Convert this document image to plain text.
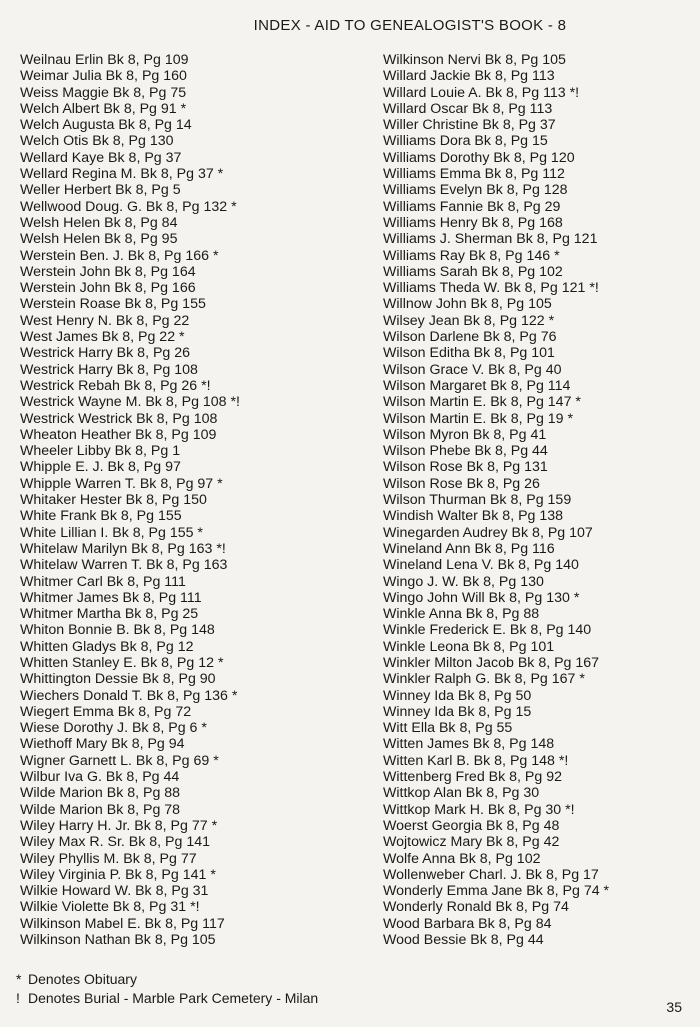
INDEX - AID TO GENEALOGIST'S BOOK - 8
Weilnau Erlin Bk 8, Pg 109
Weimar Julia Bk 8, Pg 160
Weiss Maggie Bk 8, Pg 75
Welch Albert Bk 8, Pg 91 *
Welch Augusta Bk 8, Pg 14
Welch Otis Bk 8, Pg 130
Wellard Kaye Bk 8, Pg 37
Wellard Regina M. Bk 8, Pg 37 *
Weller Herbert Bk 8, Pg 5
Wellwood Doug. G. Bk 8, Pg 132 *
Welsh Helen Bk 8, Pg 84
Welsh Helen Bk 8, Pg 95
Werstein Ben. J. Bk 8, Pg 166 *
Werstein John Bk 8, Pg 164
Werstein John Bk 8, Pg 166
Werstein Roase Bk 8, Pg 155
West Henry N. Bk 8, Pg 22
West James Bk 8, Pg 22 *
Westrick Harry Bk 8, Pg 26
Westrick Harry Bk 8, Pg 108
Westrick Rebah Bk 8, Pg 26 *!
Westrick Wayne M. Bk 8, Pg 108 *!
Westrick Westrick Bk 8, Pg 108
Wheaton Heather Bk 8, Pg 109
Wheeler Libby Bk 8, Pg 1
Whipple E. J. Bk 8, Pg 97
Whipple Warren T. Bk 8, Pg 97 *
Whitaker Hester Bk 8, Pg 150
White Frank Bk 8, Pg 155
White Lillian I. Bk 8, Pg 155 *
Whitelaw Marilyn Bk 8, Pg 163 *!
Whitelaw Warren T. Bk 8, Pg 163
Whitmer Carl Bk 8, Pg 111
Whitmer James Bk 8, Pg 111
Whitmer Martha Bk 8, Pg 25
Whiton Bonnie B. Bk 8, Pg 148
Whitten Gladys Bk 8, Pg 12
Whitten Stanley E. Bk 8, Pg 12 *
Whittington Dessie Bk 8, Pg 90
Wiechers Donald T. Bk 8, Pg 136 *
Wiegert Emma Bk 8, Pg 72
Wiese Dorothy J. Bk 8, Pg 6 *
Wiethoff Mary Bk 8, Pg 94
Wigner Garnett L. Bk 8, Pg 69 *
Wilbur Iva G. Bk 8, Pg 44
Wilde Marion Bk 8, Pg 88
Wilde Marion Bk 8, Pg 78
Wiley Harry H. Jr. Bk 8, Pg 77 *
Wiley Max R. Sr. Bk 8, Pg 141
Wiley Phyllis M. Bk 8, Pg 77
Wiley Virginia P. Bk 8, Pg 141 *
Wilkie Howard W. Bk 8, Pg 31
Wilkie Violette Bk 8, Pg 31 *!
Wilkinson Mabel E. Bk 8, Pg 117
Wilkinson Nathan Bk 8, Pg 105
Wilkinson Nervi Bk 8, Pg 105
Willard Jackie Bk 8, Pg 113
Willard Louie A. Bk 8, Pg 113 *!
Willard Oscar Bk 8, Pg 113
Willer Christine Bk 8, Pg 37
Williams Dora Bk 8, Pg 15
Williams Dorothy Bk 8, Pg 120
Williams Emma Bk 8, Pg 112
Williams Evelyn Bk 8, Pg 128
Williams Fannie Bk 8, Pg 29
Williams Henry Bk 8, Pg 168
Williams J. Sherman Bk 8, Pg 121
Williams Ray Bk 8, Pg 146 *
Williams Sarah Bk 8, Pg 102
Williams Theda W. Bk 8, Pg 121 *!
Willnow John Bk 8, Pg 105
Wilsey Jean Bk 8, Pg 122 *
Wilson Darlene Bk 8, Pg 76
Wilson Editha Bk 8, Pg 101
Wilson Grace V. Bk 8, Pg 40
Wilson Margaret Bk 8, Pg 114
Wilson Martin E. Bk 8, Pg 147 *
Wilson Martin E. Bk 8, Pg 19 *
Wilson Myron Bk 8, Pg 41
Wilson Phebe Bk 8, Pg 44
Wilson Rose Bk 8, Pg 131
Wilson Rose Bk 8, Pg 26
Wilson Thurman Bk 8, Pg 159
Windish Walter Bk 8, Pg 138
Winegarden Audrey Bk 8, Pg 107
Wineland Ann Bk 8, Pg 116
Wineland Lena V. Bk 8, Pg 140
Wingo J. W. Bk 8, Pg 130
Wingo John Will Bk 8, Pg 130 *
Winkle Anna Bk 8, Pg 88
Winkle Frederick E. Bk 8, Pg 140
Winkle Leona Bk 8, Pg 101
Winkler Milton Jacob Bk 8, Pg 167
Winkler Ralph G. Bk 8, Pg 167 *
Winney Ida Bk 8, Pg 50
Winney Ida Bk 8, Pg 15
Witt Ella Bk 8, Pg 55
Witten James Bk 8, Pg 148
Witten Karl B. Bk 8, Pg 148 *!
Wittenberg Fred Bk 8, Pg 92
Wittkop Alan Bk 8, Pg 30
Wittkop Mark H. Bk 8, Pg 30 *!
Woerst Georgia Bk 8, Pg 48
Wojtowicz Mary Bk 8, Pg 42
Wolfe Anna Bk 8, Pg 102
Wollenweber Charl. J. Bk 8, Pg 17
Wonderly Emma Jane Bk 8, Pg 74 *
Wonderly Ronald Bk 8, Pg 74
Wood Barbara Bk 8, Pg 84
Wood Bessie Bk 8, Pg 44
* Denotes Obituary
! Denotes Burial - Marble Park Cemetery - Milan
35
